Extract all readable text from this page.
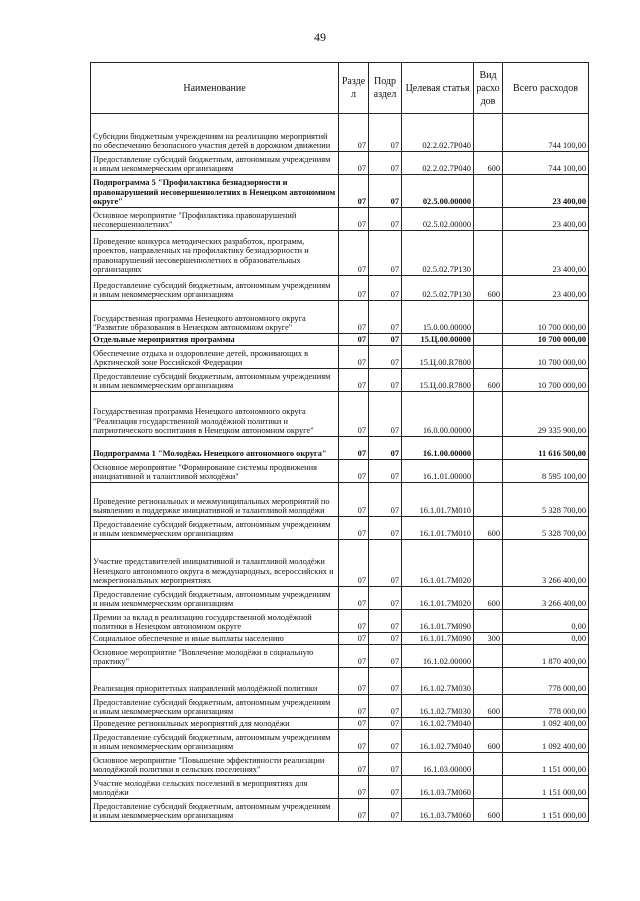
49
Наименование	Разде л	Подр аздел	Целевая статья	Вид расхо дов	Всего расходов
Субсидии бюджетным учреждениям на реализацию мероприятий по обеспечению безопасного участия детей в дорожном движении	07	07	02.2.02.7Р040		744 100,00
Предоставление субсидий бюджетным, автономным учреждениям и иным некоммерческим организациям	07	07	02.2.02.7Р040	600	744 100,00
Подпрограмма 5 "Профилактика безнадзорности и правонарушений несовершеннолетних в Ненецком автономном округе"	07	07	02.5.00.00000		23 400,00
Основное мероприятие "Профилактика правонарушений несовершеннолетних"	07	07	02.5.02.00000		23 400,00
Проведение конкурса методических разработок, программ, проектов, направленных на профилактику безнадзорности и правонарушений несовершеннолетних в образовательных организациях	07	07	02.5.02.7Р130		23 400,00
Предоставление субсидий бюджетным, автономным учреждениям и иным некоммерческим организациям	07	07	02.5.02.7Р130	600	23 400,00
Государственная программа Ненецкого автономного округа "Развитие образования в Ненецком автономном округе"	07	07	15.0.00.00000		10 700 000,00
Отдельные мероприятия программы	07	07	15.Ц.00.00000		10 700 000,00
Обеспечение отдыха и оздоровление детей, проживающих в Арктической зоне Российской Федерации	07	07	15.Ц.00.R7800		10 700 000,00
Предоставление субсидий бюджетным, автономным учреждениям и иным некоммерческим организациям	07	07	15.Ц.00.R7800	600	10 700 000,00
Государственная программа Ненецкого автономного округа "Реализация государственной молодёжной политики и патриотического воспитания в Ненецком автономном округе"	07	07	16.0.00.00000		29 335 900,00
Подпрограмма 1 "Молодёжь Ненецкого автономного округа"	07	07	16.1.00.00000		11 616 500,00
Основное мероприятие "Формирование системы продвижения инициативной и талантливой молодёжи"	07	07	16.1.01.00000		8 595 100,00
Проведение региональных и межмуниципальных мероприятий по выявлению и поддержке инициативной и талантливой молодёжи	07	07	16.1.01.7М010		5 328 700,00
Предоставление субсидий бюджетным, автономным учреждениям и иным некоммерческим организациям	07	07	16.1.01.7М010	600	5 328 700,00
Участие представителей инициативной и талантливой молодёжи Ненецкого автономного округа в международных, всероссийских и межрегиональных мероприятиях	07	07	16.1.01.7М020		3 266 400,00
Предоставление субсидий бюджетным, автономным учреждениям и иным некоммерческим организациям	07	07	16.1.01.7М020	600	3 266 400,00
Премии за вклад в реализацию государственной молодёжной политики в Ненецком автономном округе	07	07	16.1.01.7М090		0,00
Социальное обеспечение и иные выплаты населению	07	07	16.1.01.7М090	300	0,00
Основное мероприятие "Вовлечение молодёжи в социальную практику"	07	07	16.1.02.00000		1 870 400,00
Реализация приоритетных направлений молодёжной политики	07	07	16.1.02.7М030		778 000,00
Предоставление субсидий бюджетным, автономным учреждениям и иным некоммерческим организациям	07	07	16.1.02.7М030	600	778 000,00
Проведение региональных мероприятий для молодёжи	07	07	16.1.02.7М040		1 092 400,00
Предоставление субсидий бюджетным, автономным учреждениям и иным некоммерческим организациям	07	07	16.1.02.7М040	600	1 092 400,00
Основное мероприятие "Повышение эффективности реализации молодёжной политики в сельских поселениях"	07	07	16.1.03.00000		1 151 000,00
Участие молодёжи сельских поселений в мероприятиях для молодёжи	07	07	16.1.03.7М060		1 151 000,00
Предоставление субсидий бюджетным, автономным учреждениям и иным некоммерческим организациям	07	07	16.1.03.7М060	600	1 151 000,00
